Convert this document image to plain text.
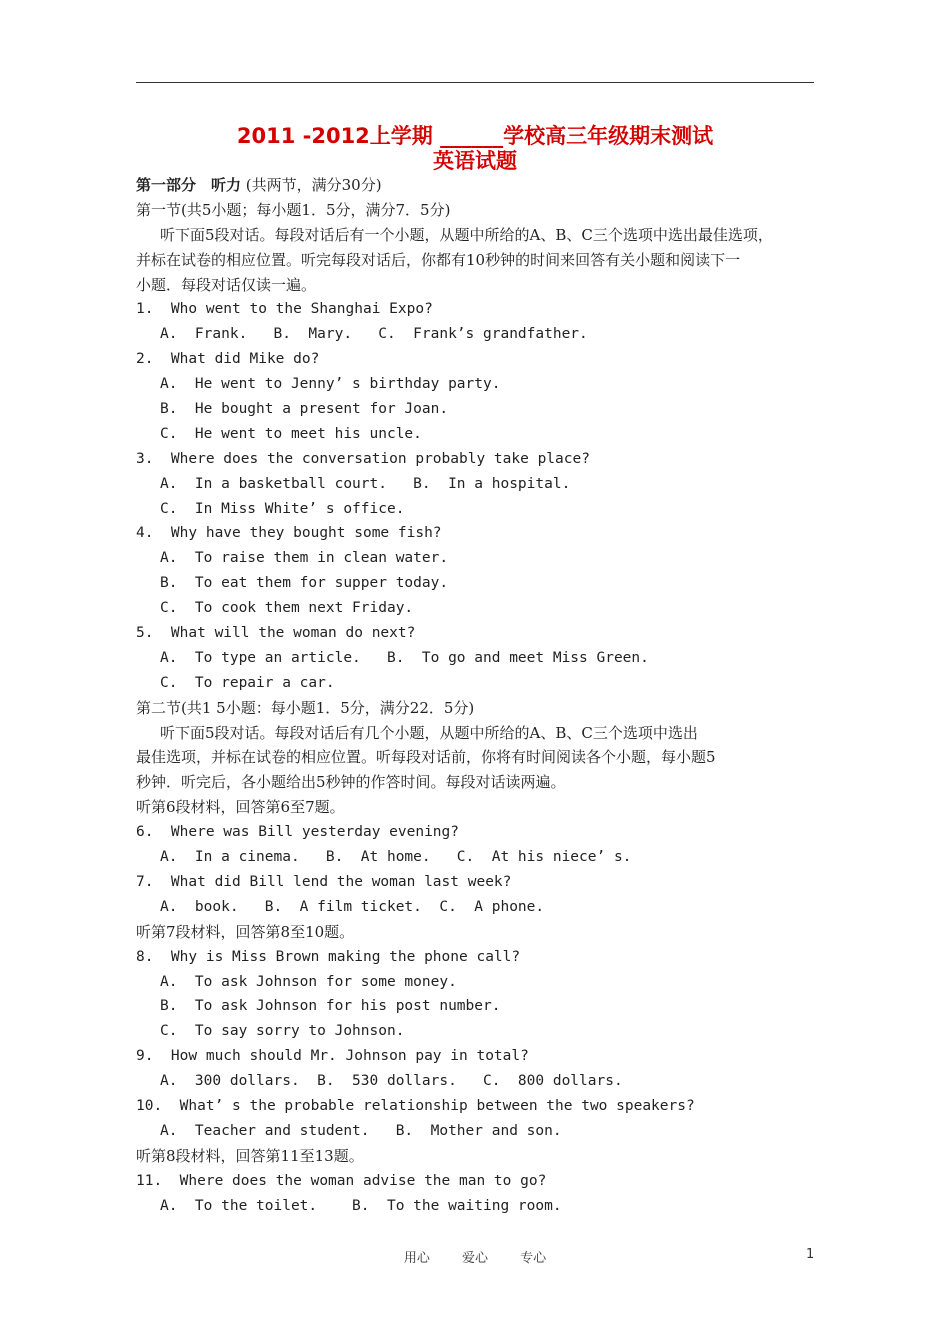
2011 -2012上学期 ______学校高三年级期末测试
英语试题
第一部分　听力 (共两节，满分30分)
第一节(共5小题；每小题1．5分，满分7．5分)
听下面5段对话。每段对话后有一个小题，从题中所给的A、B、C三个选项中选出最佳选项，
并标在试卷的相应位置。听完每段对话后，你都有10秒钟的时间来回答有关小题和阅读下一
小题．每段对话仅读一遍。
1.  Who went to the Shanghai Expo?
A.  Frank.   B.  Mary.   C.  Frank’s grandfather.
2.  What did Mike do?
A.  He went to Jenny’ s birthday party.
B.  He bought a present for Joan.
C.  He went to meet his uncle.
3.  Where does the conversation probably take place?
A.  In a basketball court.   B.  In a hospital.
C.  In Miss White’ s office.
4.  Why have they bought some fish?
A.  To raise them in clean water.
B.  To eat them for supper today.
C.  To cook them next Friday.
5.  What will the woman do next?
A.  To type an article.   B.  To go and meet Miss Green.
C.  To repair a car.
第二节(共1 5小题：每小题1．5分，满分22．5分)
听下面5段对话。每段对话后有几个小题，从题中所给的A、B、C三个选项中选出
最佳选项，并标在试卷的相应位置。听每段对话前，你将有时间阅读各个小题，每小题5
秒钟．听完后，各小题给出5秒钟的作答时间。每段对话读两遍。
听第6段材料，回答第6至7题。
6.  Where was Bill yesterday evening?
A.  In a cinema.   B.  At home.   C.  At his niece’ s.
7.  What did Bill lend the woman last week?
A.  book.   B.  A film ticket.  C.  A phone.
听第7段材料，回答第8至10题。
8.  Why is Miss Brown making the phone call?
A.  To ask Johnson for some money.
B.  To ask Johnson for his post number.
C.  To say sorry to Johnson.
9.  How much should Mr. Johnson pay in total?
A.  300 dollars.  B.  530 dollars.   C.  800 dollars.
10.  What’ s the probable relationship between the two speakers?
A.  Teacher and student.   B.  Mother and son.
听第8段材料，回答第11至13题。
11.  Where does the woman advise the man to go?
A.  To the toilet.    B.  To the waiting room.
用心 爱心 专心	1
